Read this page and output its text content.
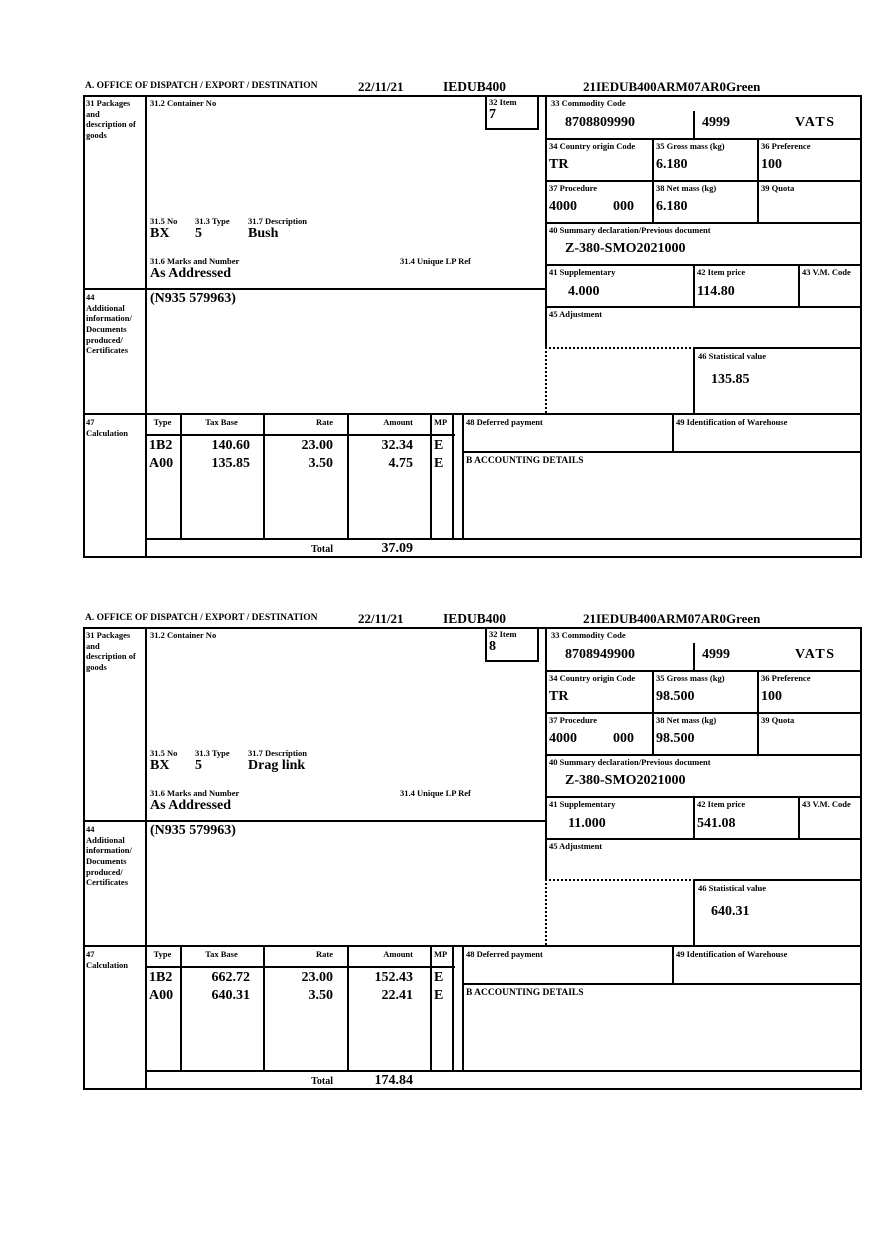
A. OFFICE OF DISPATCH / EXPORT / DESTINATION	22/11/21	IEDUB400	21IEDUB400ARM07AR0Green
31 Packages and description of goods
44
Additional information/ Documents produced/ Certificates
47
Calculation
31.2 Container No	32 Item
7
31.5 No 31.3 Type 31.7 Description
BX 5	Bush
31.6 Marks and Number	31.4 Unique LP Ref
As Addressed
(N935 579963)
33 Commodity Code
8708809990	4999	VATS
34 Country origin Code
TR
35 Gross mass (kg)
6.180
36 Preference
100
37 Procedure
4000	000
38 Net mass (kg)
6.180
39 Quota
40 Summary declaration/Previous document
Z-380-SMO2021000
41 Supplementary
4.000
42 Item price
114.80
43 V.M. Code
45 Adjustment
46 Statistical value
135.85
Type	Tax Base	Rate	Amount MP
1B2	140.60	23.00	32.34 E
A00	135.85	3.50	4.75 E
48 Deferred payment	49 Identification of Warehouse
B ACCOUNTING DETAILS
Total	37.09
A. OFFICE OF DISPATCH / EXPORT / DESTINATION	22/11/21	IEDUB400	21IEDUB400ARM07AR0Green
31 Packages and description of goods
44
Additional information/ Documents produced/ Certificates
47
Calculation
31.2 Container No	32 Item
8
31.5 No 31.3 Type 31.7 Description
BX 5	Drag link
31.6 Marks and Number	31.4 Unique LP Ref
As Addressed
(N935 579963)
33 Commodity Code
8708949900	4999	VATS
34 Country origin Code
TR
35 Gross mass (kg)
98.500
36 Preference
100
37 Procedure
4000	000
38 Net mass (kg)
98.500
39 Quota
40 Summary declaration/Previous document
Z-380-SMO2021000
41 Supplementary
11.000
42 Item price
541.08
43 V.M. Code
45 Adjustment
46 Statistical value
640.31
Type	Tax Base	Rate	Amount MP
1B2	662.72	23.00	152.43 E
A00	640.31	3.50	22.41 E
48 Deferred payment	49 Identification of Warehouse
B ACCOUNTING DETAILS
Total	174.84
